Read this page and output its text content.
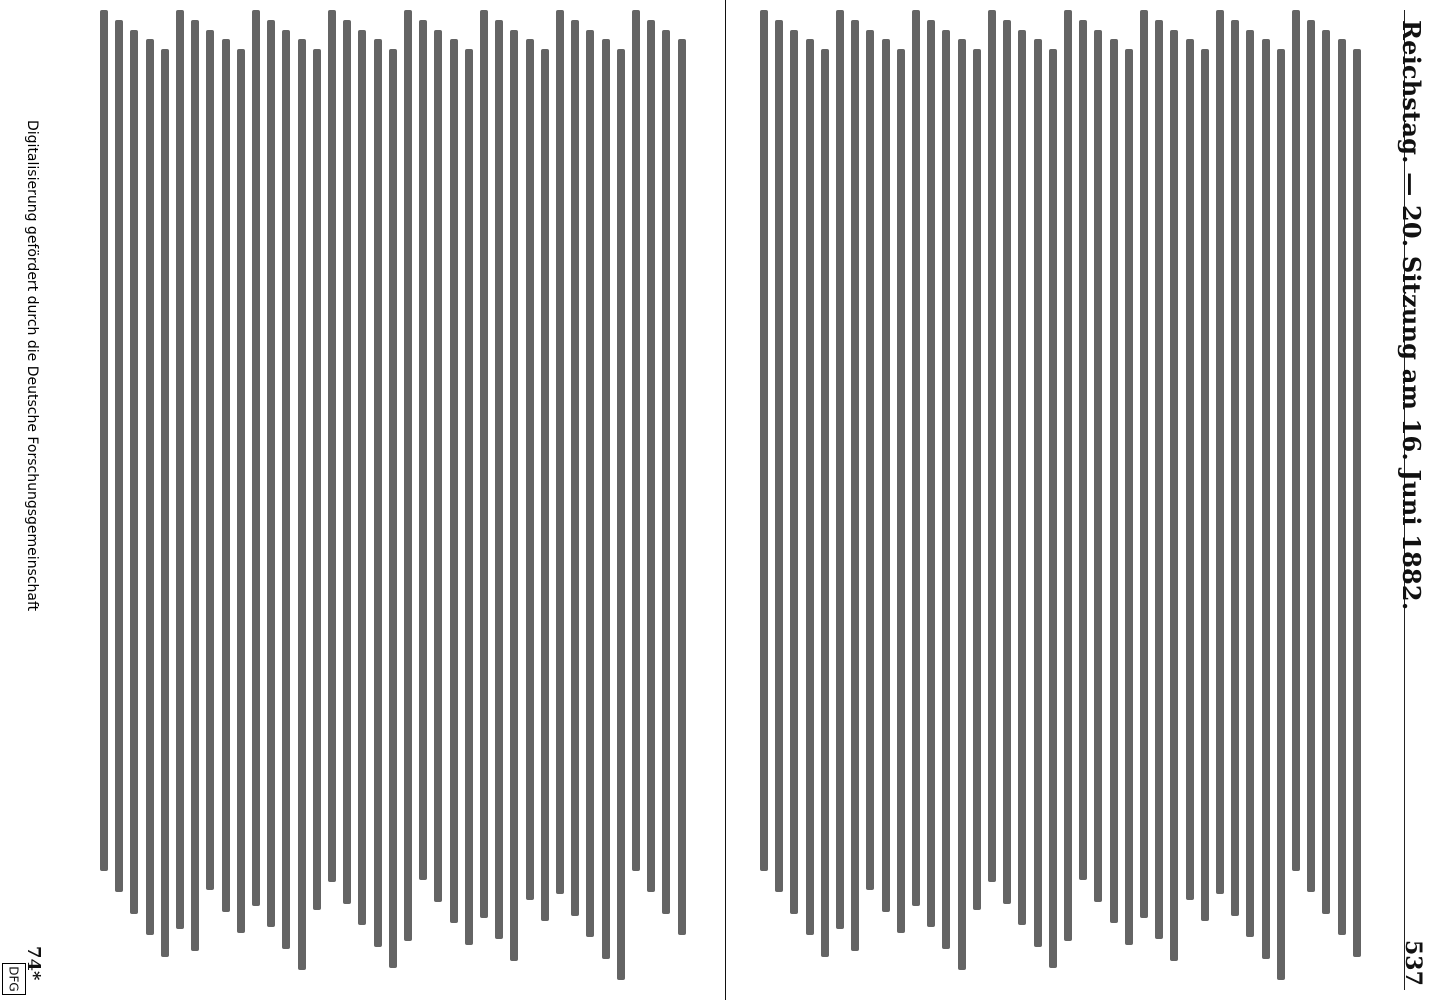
Reichstag. — 20. Sitzung am 16. Juni 1882.
537
Digitalisierung gefördert durch die Deutsche Forschungsgemeinschaft
DFG 74*
